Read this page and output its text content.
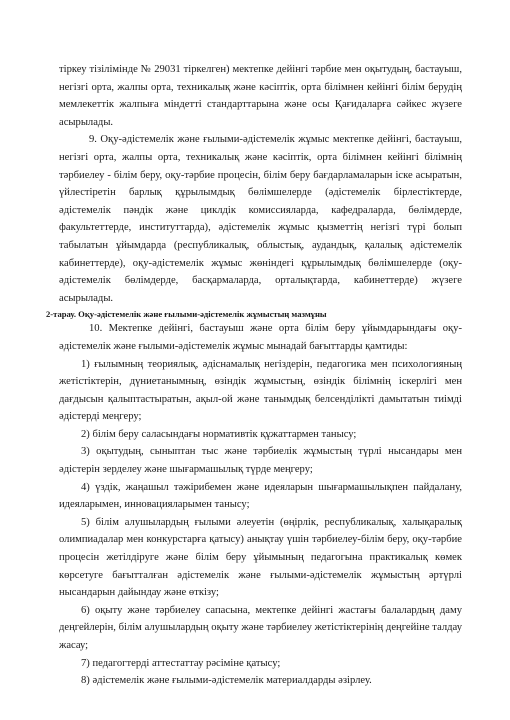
тіркеу тізілімінде № 29031 тіркелген) мектепке дейінгі тәрбие мен оқытудың, бастауыш, негізгі орта, жалпы орта, техникалық және кәсіптік, орта білімнен кейінгі білім берудің мемлекеттік жалпыға міндетті стандарттарына және осы Қағидаларға сәйкес жүзеге асырылады.

9. Оқу-әдістемелік және ғылыми-әдістемелік жұмыс мектепке дейінгі, бастауыш, негізгі орта, жалпы орта, техникалық және кәсіптік, орта білімнен кейінгі білімнің тәрбиелеу - білім беру, оқу-тәрбие процесін, білім беру бағдарламаларын іске асыратын, үйлестіретін барлық құрылымдық бөлімшелерде (әдістемелік бірлестіктерде, әдістемелік пәндік және циклдік комиссияларда, кафедраларда, бөлімдерде, факультеттерде, институттарда), әдістемелік жұмыс қызметтің негізгі түрі болып табылатын ұйымдарда (республикалық, облыстық, аудандық, қалалық әдістемелік кабинеттерде), оқу-әдістемелік жұмыс жөніндегі құрылымдық бөлімшелерде (оқу-әдістемелік бөлімдерде, басқармаларда, орталықтарда, кабинеттерде) жүзеге асырылады.

2-тарау. Оқу-әдістемелік және ғылыми-әдістемелік жұмыстың мазмұны

10. Мектепке дейінгі, бастауыш және орта білім беру ұйымдарындағы оқу-әдістемелік және ғылыми-әдістемелік жұмыс мынадай бағыттарды қамтиды:

1) ғылымның теориялық, әдіснамалық негіздерін, педагогика мен психологияның жетістіктерін, дүниетанымның, өзіндік жұмыстың, өзіндік білімнің іскерлігі мен дағдысын қалыптастыратын, ақыл-ой және танымдық белсенділікті дамытатын тиімді әдістерді меңгеру;

2) білім беру саласындағы нормативтік құжаттармен танысу;

3) оқытудың, сыныптан тыс және тәрбиелік жұмыстың түрлі нысандары мен әдістерін зерделеу және шығармашылық түрде меңгеру;

4) үздік, жаңашыл тәжірибемен және идеяларын шығармашылықпен пайдалану, идеяларымен, инновацияларымен танысу;

5) білім алушылардың ғылыми әлеуетін (өңірлік, республикалық, халықаралық олимпиадалар мен конкурстарға қатысу) анықтау үшін тәрбиелеу-білім беру, оқу-тәрбие процесін жетілдіруге және білім беру ұйымының педагогына практикалық көмек көрсетуге бағытталған әдістемелік және ғылыми-әдістемелік жұмыстың әртүрлі нысандарын дайындау және өткізу;

6) оқыту және тәрбиелеу сапасына, мектепке дейінгі жастағы балалардың даму деңгейлерін, білім алушылардың оқыту және тәрбиелеу жетістіктерінің деңгейіне талдау жасау;

7) педагогтерді аттестаттау рәсіміне қатысу;

8) әдістемелік және ғылыми-әдістемелік материалдарды әзірлеу.
